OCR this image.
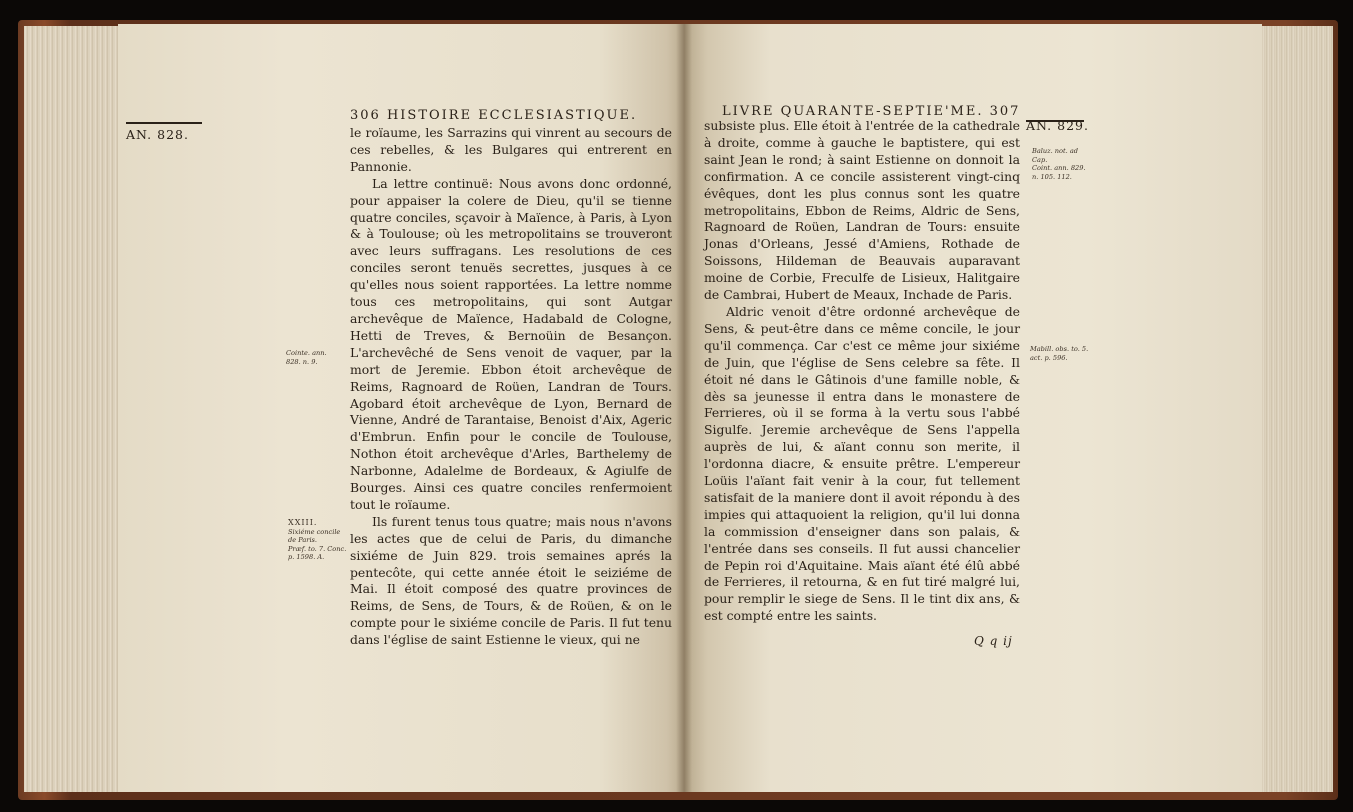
AN. 828.
306 HISTOIRE ECCLESIASTIQUE.
Cointe. ann.
828. n. 9.
XXIII.
Sixiéme concile
de Paris.
Præf. to. 7. Conc.
p. 1598. A.

le roïaume, les Sarrazins qui vinrent au secours de ces rebelles, & les Bulgares qui entrerent en Pannonie.

La lettre continuë: Nous avons donc ordonné, pour appaiser la colere de Dieu, qu'il se tienne quatre conciles, sçavoir à Maïence, à Paris, à Lyon & à Toulouse; où les metropolitains se trouveront avec leurs suffragans. Les resolutions de ces conciles seront tenuës secrettes, jusques à ce qu'elles nous soient rapportées. La lettre nomme tous ces metropolitains, qui sont Autgar archevêque de Maïence, Hadabald de Cologne, Hetti de Treves, & Bernoüin de Besançon. L'archevêché de Sens venoit de vaquer, par la mort de Jeremie. Ebbon étoit archevêque de Reims, Ragnoard de Roüen, Landran de Tours. Agobard étoit archevêque de Lyon, Bernard de Vienne, André de Tarantaise, Benoist d'Aix, Ageric d'Embrun. Enfin pour le concile de Toulouse, Nothon étoit archevêque d'Arles, Barthelemy de Narbonne, Adalelme de Bordeaux, & Agiulfe de Bourges. Ainsi ces quatre conciles renfermoient tout le roïaume.

Ils furent tenus tous quatre; mais nous n'avons les actes que de celui de Paris, du dimanche sixiéme de Juin 829. trois semaines aprés la pentecôte, qui cette année étoit le seiziéme de Mai. Il étoit composé des quatre provinces de Reims, de Sens, de Tours, & de Roüen, & on le compte pour le sixiéme concile de Paris. Il fut tenu dans l'église de saint Estienne le vieux, qui ne

LIVRE QUARANTE-SEPTIE'ME. 307
AN. 829.
Baluz. not. ad
Cap.
Coint. ann. 829.
n. 105. 112.
Mabill. obs. to. 5.
act. p. 596.

subsiste plus. Elle étoit à l'entrée de la cathedrale à droite, comme à gauche le baptistere, qui est saint Jean le rond; à saint Estienne on donnoit la confirmation. A ce concile assisterent vingt-cinq évêques, dont les plus connus sont les quatre metropolitains, Ebbon de Reims, Aldric de Sens, Ragnoard de Roüen, Landran de Tours: ensuite Jonas d'Orleans, Jessé d'Amiens, Rothade de Soissons, Hildeman de Beauvais auparavant moine de Corbie, Freculfe de Lisieux, Halitgaire de Cambrai, Hubert de Meaux, Inchade de Paris.

Aldric venoit d'être ordonné archevêque de Sens, & peut-être dans ce même concile, le jour qu'il commença. Car c'est ce même jour sixiéme de Juin, que l'église de Sens celebre sa fête. Il étoit né dans le Gâtinois d'une famille noble, & dès sa jeunesse il entra dans le monastere de Ferrieres, où il se forma à la vertu sous l'abbé Sigulfe. Jeremie archevêque de Sens l'appella auprès de lui, & aïant connu son merite, il l'ordonna diacre, & ensuite prêtre. L'empereur Loüis l'aïant fait venir à la cour, fut tellement satisfait de la maniere dont il avoit répondu à des impies qui attaquoient la religion, qu'il lui donna la commission d'enseigner dans son palais, & l'entrée dans ses conseils. Il fut aussi chancelier de Pepin roi d'Aquitaine. Mais aïant été élû abbé de Ferrieres, il retourna, & en fut tiré malgré lui, pour remplir le siege de Sens. Il le tint dix ans, & est compté entre les saints.

Q q ij
